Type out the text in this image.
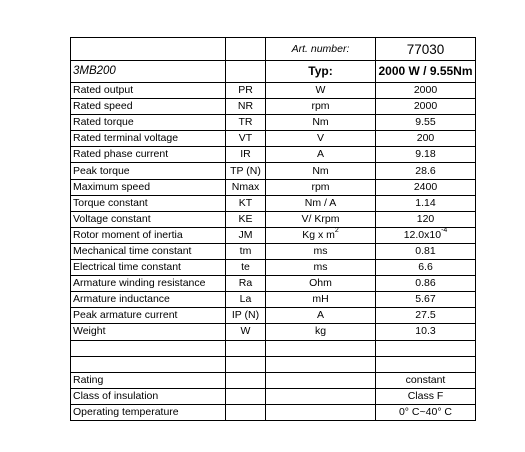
		Art. number:	77030
3MB200		Typ:	2000 W / 9.55Nm
Rated output	PR	W	2000
Rated speed	NR	rpm	2000
Rated torque	TR	Nm	9.55
Rated terminal voltage	VT	V	200
Rated phase current	IR	A	9.18
Peak torque	TP (N)	Nm	28.6
Maximum speed	Nmax	rpm	2400
Torque constant	KT	Nm / A	1.14
Voltage constant	KE	V/ Krpm	120
Rotor moment of inertia	JM	Kg x $m^2$	$12.0x10^{-4}$
Mechanical time constant	tm	ms	0.81
Electrical time constant	te	ms	6.6
Armature winding resistance	Ra	Ohm	0.86
Armature inductance	La	mH	5.67
Peak armature current	IP (N)	A	27.5
Weight	W	kg	10.3

Rating			constant
Class of insulation			Class F
Operating temperature			0° C~40° C
